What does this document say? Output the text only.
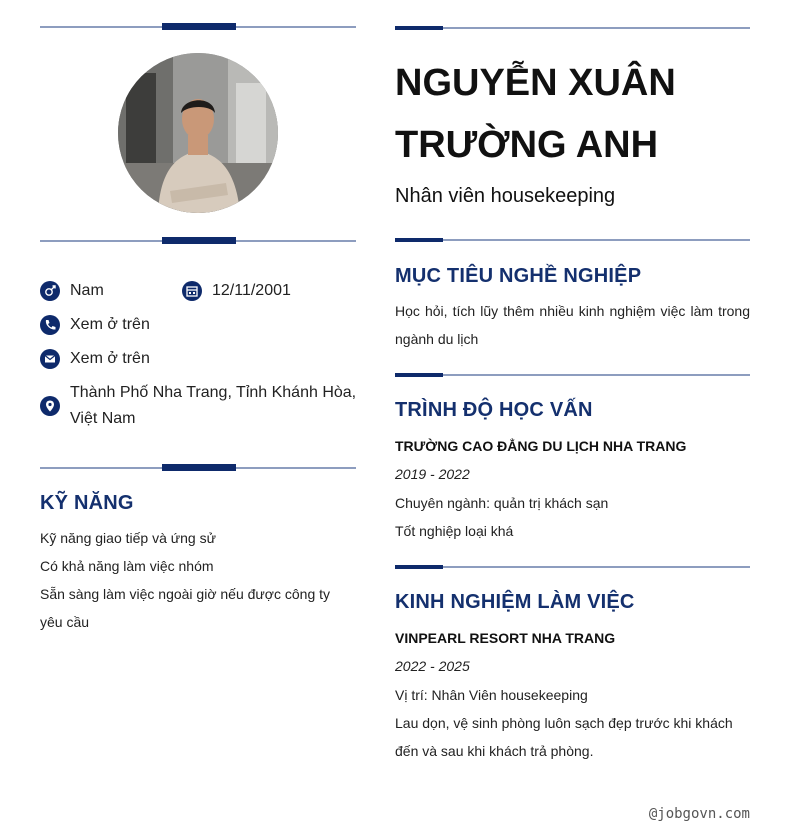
Nam	12/11/2001
Xem ở trên
Xem ở trên
Thành Phố Nha Trang, Tỉnh Khánh Hòa, Việt Nam
KỸ NĂNG
Kỹ năng giao tiếp và ứng sử
Có khả năng làm việc nhóm
Sẵn sàng làm việc ngoài giờ nếu được công ty yêu cầu
NGUYỄN XUÂN TRƯỜNG ANH
Nhân viên housekeeping
MỤC TIÊU NGHỀ NGHIỆP
Học hỏi, tích lũy thêm nhiều kinh nghiệm việc làm trong ngành du lịch
TRÌNH ĐỘ HỌC VẤN
TRƯỜNG CAO ĐẲNG DU LỊCH NHA TRANG
2019 - 2022
Chuyên ngành: quản trị khách sạn
Tốt nghiệp loại khá
KINH NGHIỆM LÀM VIỆC
VINPEARL RESORT NHA TRANG
2022 - 2025
Vị trí: Nhân Viên housekeeping
Lau dọn, vệ sinh phòng luôn sạch đẹp trước khi khách đến và sau khi khách trả phòng.
@jobgovn.com
